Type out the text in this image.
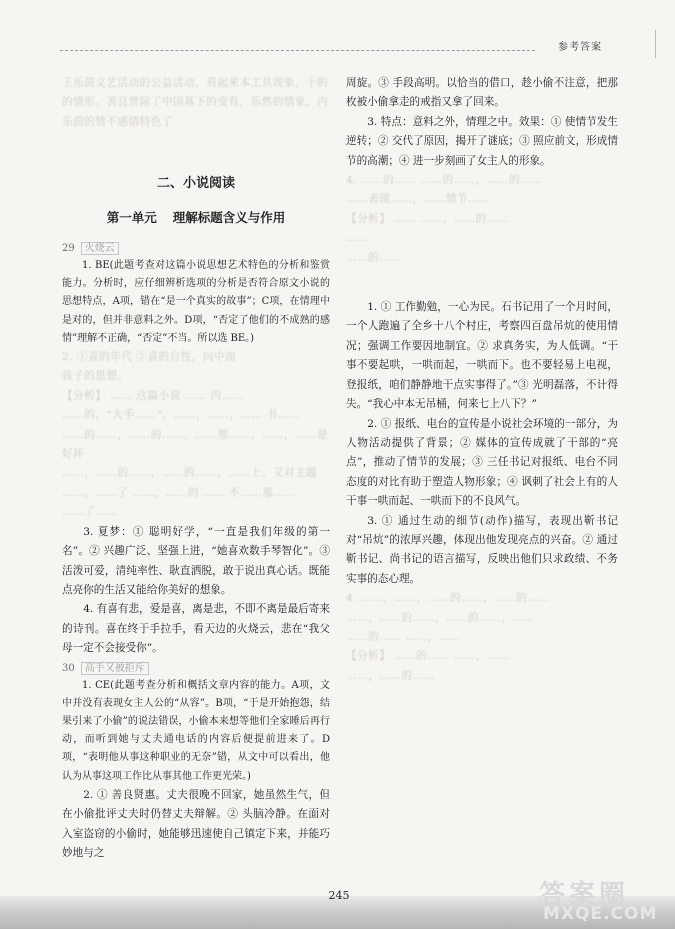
参考答案

王乐茵文艺活动的公益活动，看起来本工具现象，于的

的情形。善良赏际了中国基下的变有，乐然的情象，内

乐茵的情不感情特色了

二、小说阅读

第一单元 理解标题含义与作用

29 火烧云

1. BE(此题考查对这篇小说思想艺术特色的分析和鉴赏能力。分析时，应仔细辨析选项的分析是否符合原文小说的思想特点，A项，错在“是一个真实的故事”；C项，在情理中是对的，但并非意料之外。D项，“否定了他们的不成熟的感情”理解不正确，“否定”不当。所以选 BE。)

2. ①喜的年代 ②喜的自性，向中而

孩子的思想。

【分析】 …… 这篇小说 …… 内……

……的，“大手……”，……，……，…… 书……

……的……，……的……，……那……，……，……是好环

……，……的……，……的……，……上。又对主题

……。……了 ……，……的 …… 不……那……

……了……

3. 夏梦：① 聪明好学，“一直是我们年级的第一名”。② 兴趣广泛、坚强上进，“她喜欢数手琴智化”。③ 活泼可爱，清纯率性、耿直洒脱，敢于说出真心话。既能点亮你的生活又能给你美好的想象。

4. 有喜有悲，爱是喜，离是悲，不即不离是最后寄来的诗刊。喜在终于手拉手，看天边的火烧云，悲在“我父母一定不会接受你”。

30 高手又被拒斥

1. CE(此题考查分析和概括文章内容的能力。A项，文中并没有表现女主人公的“从容”。B项，“于是开始抱怨，结果引来了小偷”的说法错误，小偷本来想等他们全家睡后再行动，而听到她与丈夫通电话的内容后便提前进来了。D项，“表明他从事这种职业的无奈”错，从文中可以看出，他认为从事这项工作比从事其他工作更光荣。)

2. ① 善良贤惠。丈夫很晚不回家，她虽然生气，但在小偷批评丈夫时仍替丈夫辩解。② 头脑冷静。在面对入室盗窃的小偷时，她能够迅速使自己镇定下来，并能巧妙地与之

周旋。③ 手段高明。以恰当的借口，趁小偷不注意，把那枚被小偷拿走的戒指又拿了回来。

3. 特点：意料之外，情理之中。效果：① 使情节发生逆转；② 交代了原因，揭开了谜底；③ 照应前文，形成情节的高潮；④ 进一步刻画了女主人的形象。

4. ……的…… ……的……，……的……

……表现……，……情节……

【分析】 …… ……，……的……

……

……的……

1. ① 工作勤勉，一心为民。石书记用了一个月时间，一个人跑遍了全乡十八个村庄，考察四百盘吊炕的使用情况；强调工作要因地制宜。② 求真务实，为人低调。“干事不要起哄，一哄而起，一哄而下。也不要轻易上电视，登报纸，咱们静静地干点实事得了。”③ 光明磊落，不计得失。“我心中本无吊桶，何来七上八下？”

2. ① 报纸、电台的宣传是小说社会环境的一部分，为人物活动提供了背景；② 媒体的宣传成就了干部的“亮点”，推动了情节的发展；③ 三任书记对报纸、电台不同态度的对比有助于塑造人物形象；④ 讽刺了社会上有的人干事一哄而起、一哄而下的不良风气。

3. ① 通过生动的细节(动作)描写，表现出靳书记对“吊炕”的浓厚兴趣，体现出他发现亮点的兴奋。② 通过靳书记、尚书记的语言描写，反映出他们只求政绩、不务实事的态心理。

4. ……，……，……的……，……的……

……，……的……，……的……，……

……的…… ……，……

【分析】 ……的…… ……，……

……，……的……

245	答案圈
MXQE.COM
